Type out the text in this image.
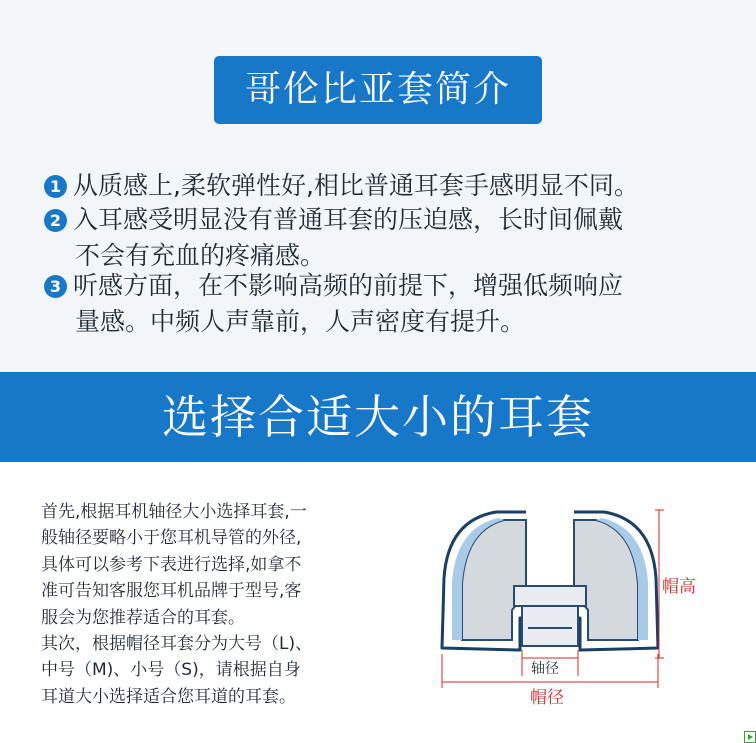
哥伦比亚套简介
1 从质感上,柔软弹性好,相比普通耳套手感明显不同。
2 入耳感受明显没有普通耳套的压迫感，长时间佩戴
不会有充血的疼痛感。
3 听感方面，在不影响高频的前提下，增强低频响应
量感。中频人声靠前，人声密度有提升。
选择合适大小的耳套
首先,根据耳机轴径大小选择耳套,一
般轴径要略小于您耳机导管的外径,
具体可以参考下表进行选择,如拿不
准可告知客服您耳机品牌于型号,客
服会为您推荐适合的耳套。
其次，根据帽径耳套分为大号（L)、
中号（M)、小号（S)，请根据自身
耳道大小选择适合您耳道的耳套。
帽高
轴径
帽径
